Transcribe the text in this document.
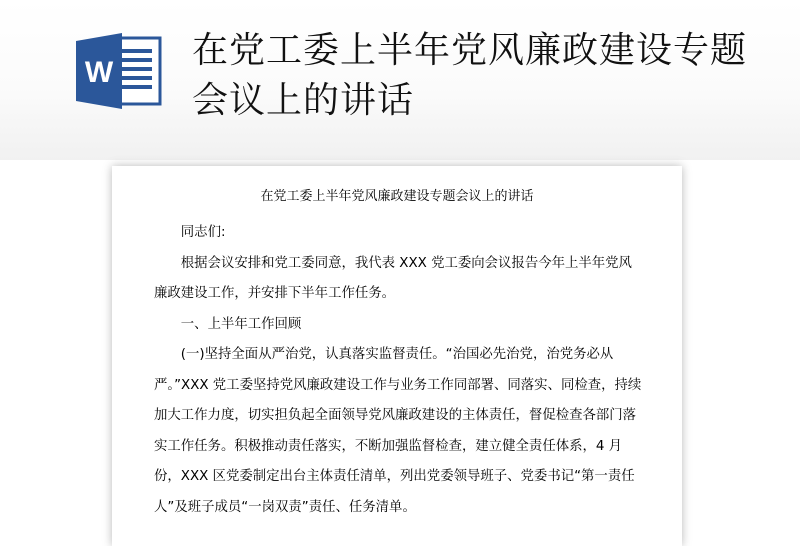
W
在党工委上半年党风廉政建设专题会议上的讲话
在党工委上半年党风廉政建设专题会议上的讲话

同志们:

根据会议安排和党工委同意，我代表 XXX 党工委向会议报告今年上半年党风廉政建设工作，并安排下半年工作任务。

一、上半年工作回顾

(一)坚持全面从严治党，认真落实监督责任。“治国必先治党，治党务必从严。”XXX 党工委坚持党风廉政建设工作与业务工作同部署、同落实、同检查，持续加大工作力度，切实担负起全面领导党风廉政建设的主体责任，督促检查各部门落实工作任务。积极推动责任落实，不断加强监督检查，建立健全责任体系，4 月份，XXX 区党委制定出台主体责任清单，列出党委领导班子、党委书记“第一责任人”及班子成员“一岗双责”责任、任务清单。
